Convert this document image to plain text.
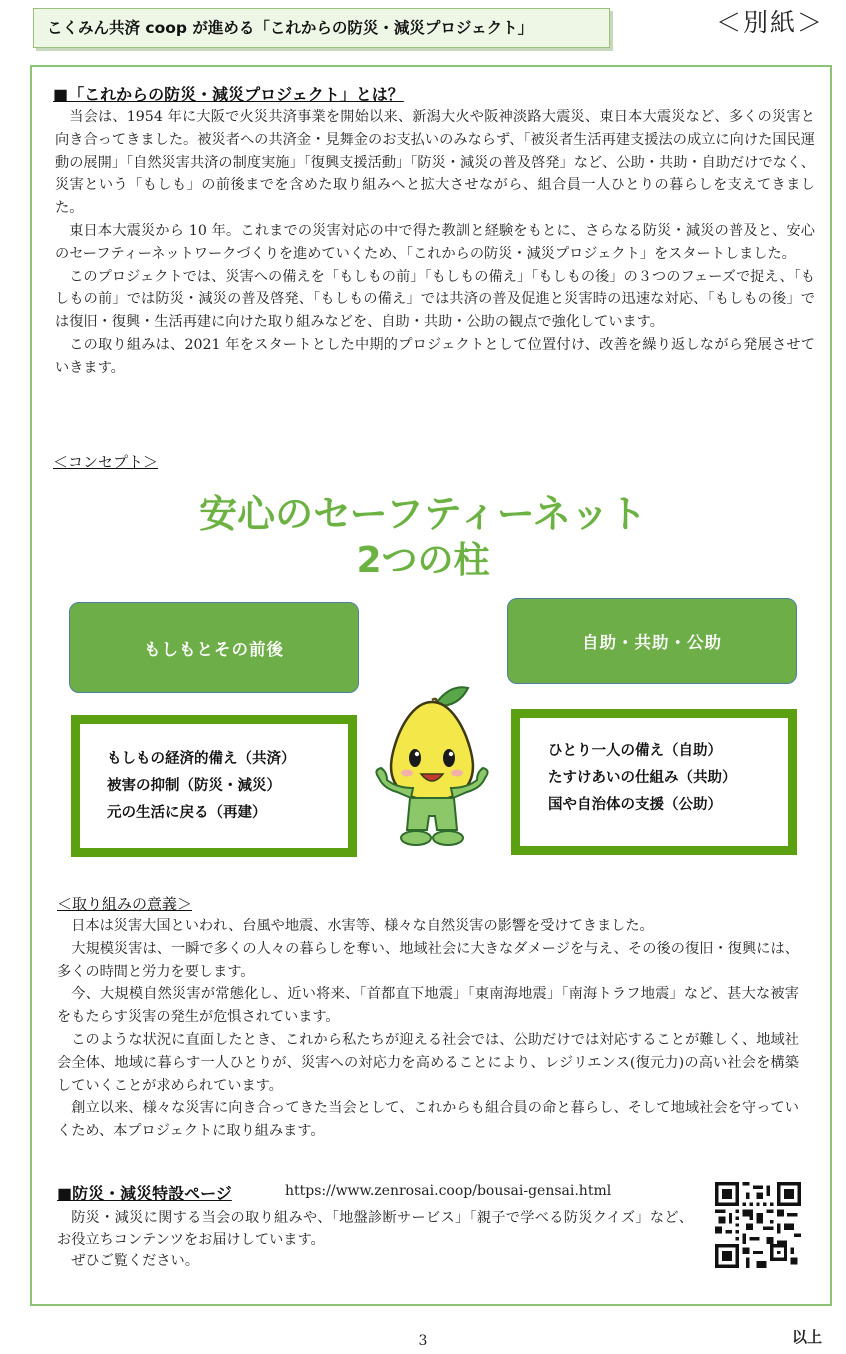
こくみん共済 coop が進める「これからの防災・減災プロジェクト」	＜別紙＞
■「これからの防災・減災プロジェクト」とは？

当会は、1954 年に大阪で火災共済事業を開始以来、新潟大火や阪神淡路大震災、東日本大震災など、多くの災害と向き合ってきました。被災者への共済金・見舞金のお支払いのみならず、「被災者生活再建支援法の成立に向けた国民運動の展開」「自然災害共済の制度実施」「復興支援活動」「防災・減災の普及啓発」など、公助・共助・自助だけでなく、災害という「もしも」の前後までを含めた取り組みへと拡大させながら、組合員一人ひとりの暮らしを支えてきました。

東日本大震災から 10 年。これまでの災害対応の中で得た教訓と経験をもとに、さらなる防災・減災の普及と、安心のセーフティーネットワークづくりを進めていくため、「これからの防災・減災プロジェクト」をスタートしました。

このプロジェクトでは、災害への備えを「もしもの前」「もしもの備え」「もしもの後」の３つのフェーズで捉え、「もしもの前」では防災・減災の普及啓発、「もしもの備え」では共済の普及促進と災害時の迅速な対応、「もしもの後」では復旧・復興・生活再建に向けた取り組みなどを、自助・共助・公助の観点で強化しています。

この取り組みは、2021 年をスタートとした中期的プロジェクトとして位置付け、改善を繰り返しながら発展させていきます。

＜コンセプト＞
安心のセーフティーネット
2つの柱
もしもとその前後	自助・共助・公助
もしもの経済的備え（共済）
被害の抑制（防災・減災）
元の生活に戻る（再建）
ひとり一人の備え（自助）
たすけあいの仕組み（共助）
国や自治体の支援（公助）
＜取り組みの意義＞

日本は災害大国といわれ、台風や地震、水害等、様々な自然災害の影響を受けてきました。

大規模災害は、一瞬で多くの人々の暮らしを奪い、地域社会に大きなダメージを与え、その後の復旧・復興には、多くの時間と労力を要します。

今、大規模自然災害が常態化し、近い将来、「首都直下地震」「東南海地震」「南海トラフ地震」など、甚大な被害をもたらす災害の発生が危惧されています。

このような状況に直面したとき、これから私たちが迎える社会では、公助だけでは対応することが難しく、地域社会全体、地域に暮らす一人ひとりが、災害への対応力を高めることにより、レジリエンス(復元力)の高い社会を構築していくことが求められています。

創立以来、様々な災害に向き合ってきた当会として、これからも組合員の命と暮らし、そして地域社会を守っていくため、本プロジェクトに取り組みます。

■防災・減災特設ページ	https://www.zenrosai.coop/bousai-gensai.html

防災・減災に関する当会の取り組みや、「地盤診断サービス」「親子で学べる防災クイズ」など、お役立ちコンテンツをお届けしています。

ぜひご覧ください。

3	以上
